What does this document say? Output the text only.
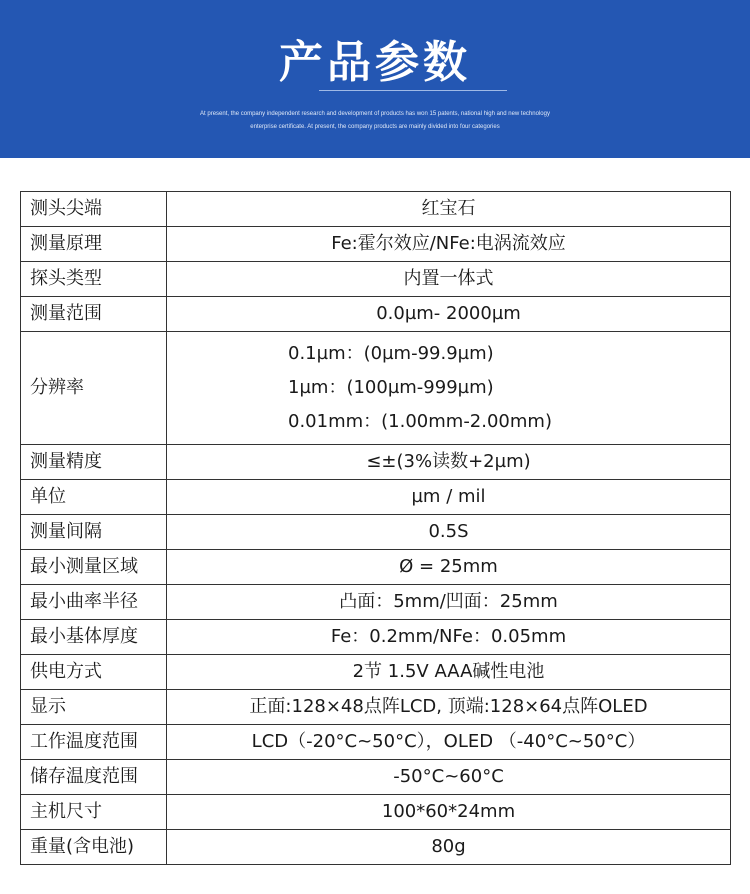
产品参数
At present, the company independent research and development of products has won 15 patents, national high and new technology
enterprise certificate. At present, the company products are mainly divided into four categories
测头尖端	红宝石
测量原理	Fe:霍尔效应/NFe:电涡流效应
探头类型	内置一体式
测量范围	0.0µm- 2000µm
分辨率	0.1µm：(0µm-99.9µm)
1µm：(100µm-999µm)
0.01mm：(1.00mm-2.00mm)

测量精度	≤±(3%读数+2µm)
单位	µm / mil
测量间隔	0.5S
最小测量区域	Ø = 25mm
最小曲率半径	凸面：5mm/凹面：25mm
最小基体厚度	Fe：0.2mm/NFe：0.05mm
供电方式	2节 1.5V AAA碱性电池
显示	正面:128×48点阵LCD, 顶端:128×64点阵OLED
工作温度范围	LCD（-20°C~50°C），OLED （-40°C~50°C）
储存温度范围	-50°C~60°C
主机尺寸	100*60*24mm
重量(含电池)	80g
